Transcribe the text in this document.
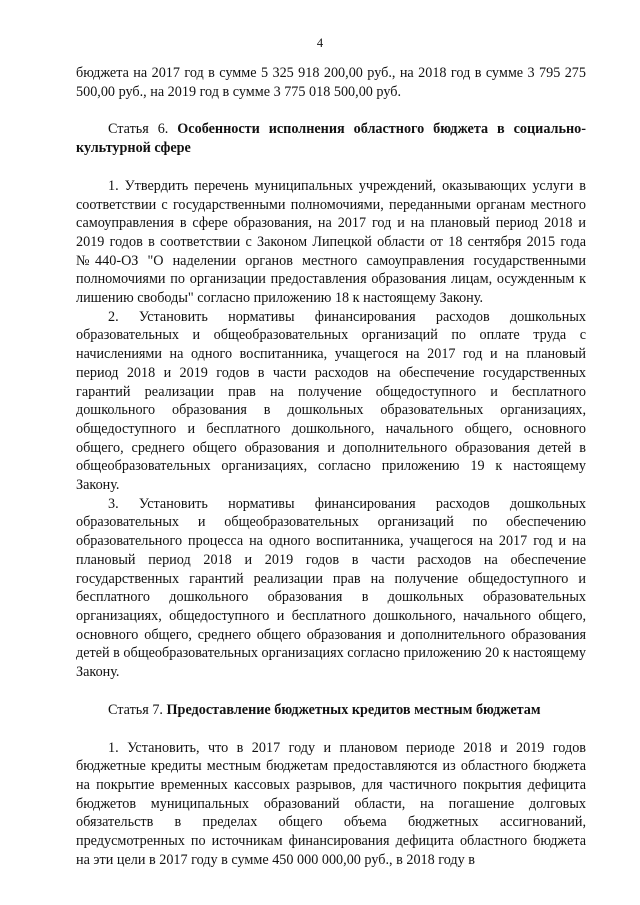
4

бюджета на 2017 год в сумме 5 325 918 200,00 руб., на 2018 год в сумме 3 795 275 500,00 руб., на 2019 год в сумме 3 775 018 500,00 руб.

Статья 6. Особенности исполнения областного бюджета в социально-культурной сфере

1. Утвердить перечень муниципальных учреждений, оказывающих услуги в соответствии с государственными полномочиями, переданными органам местного самоуправления в сфере образования, на 2017 год и на плановый период 2018 и 2019 годов в соответствии с Законом Липецкой области от 18 сентября 2015 года №440-ОЗ "О наделении органов местного самоуправления государственными полномочиями по организации предоставления образования лицам, осужденным к лишению свободы" согласно приложению 18 к настоящему Закону.

2. Установить нормативы финансирования расходов дошкольных образовательных и общеобразовательных организаций по оплате труда с начислениями на одного воспитанника, учащегося на 2017 год и на плановый период 2018 и 2019 годов в части расходов на обеспечение государственных гарантий реализации прав на получение общедоступного и бесплатного дошкольного образования в дошкольных образовательных организациях, общедоступного и бесплатного дошкольного, начального общего, основного общего, среднего общего образования и дополнительного образования детей в общеобразовательных организациях, согласно приложению 19 к настоящему Закону.

3. Установить нормативы финансирования расходов дошкольных образовательных и общеобразовательных организаций по обеспечению образовательного процесса на одного воспитанника, учащегося на 2017 год и на плановый период 2018 и 2019 годов в части расходов на обеспечение государственных гарантий реализации прав на получение общедоступного и бесплатного дошкольного образования в дошкольных образовательных организациях, общедоступного и бесплатного дошкольного, начального общего, основного общего, среднего общего образования и дополнительного образования детей в общеобразовательных организациях согласно приложению 20 к настоящему Закону.

Статья 7. Предоставление бюджетных кредитов местным бюджетам

1. Установить, что в 2017 году и плановом периоде 2018 и 2019 годов бюджетные кредиты местным бюджетам предоставляются из областного бюджета на покрытие временных кассовых разрывов, для частичного покрытия дефицита бюджетов муниципальных образований области, на погашение долговых обязательств в пределах общего объема бюджетных ассигнований, предусмотренных по источникам финансирования дефицита областного бюджета на эти цели в 2017 году в сумме 450 000 000,00 руб., в 2018 году в
